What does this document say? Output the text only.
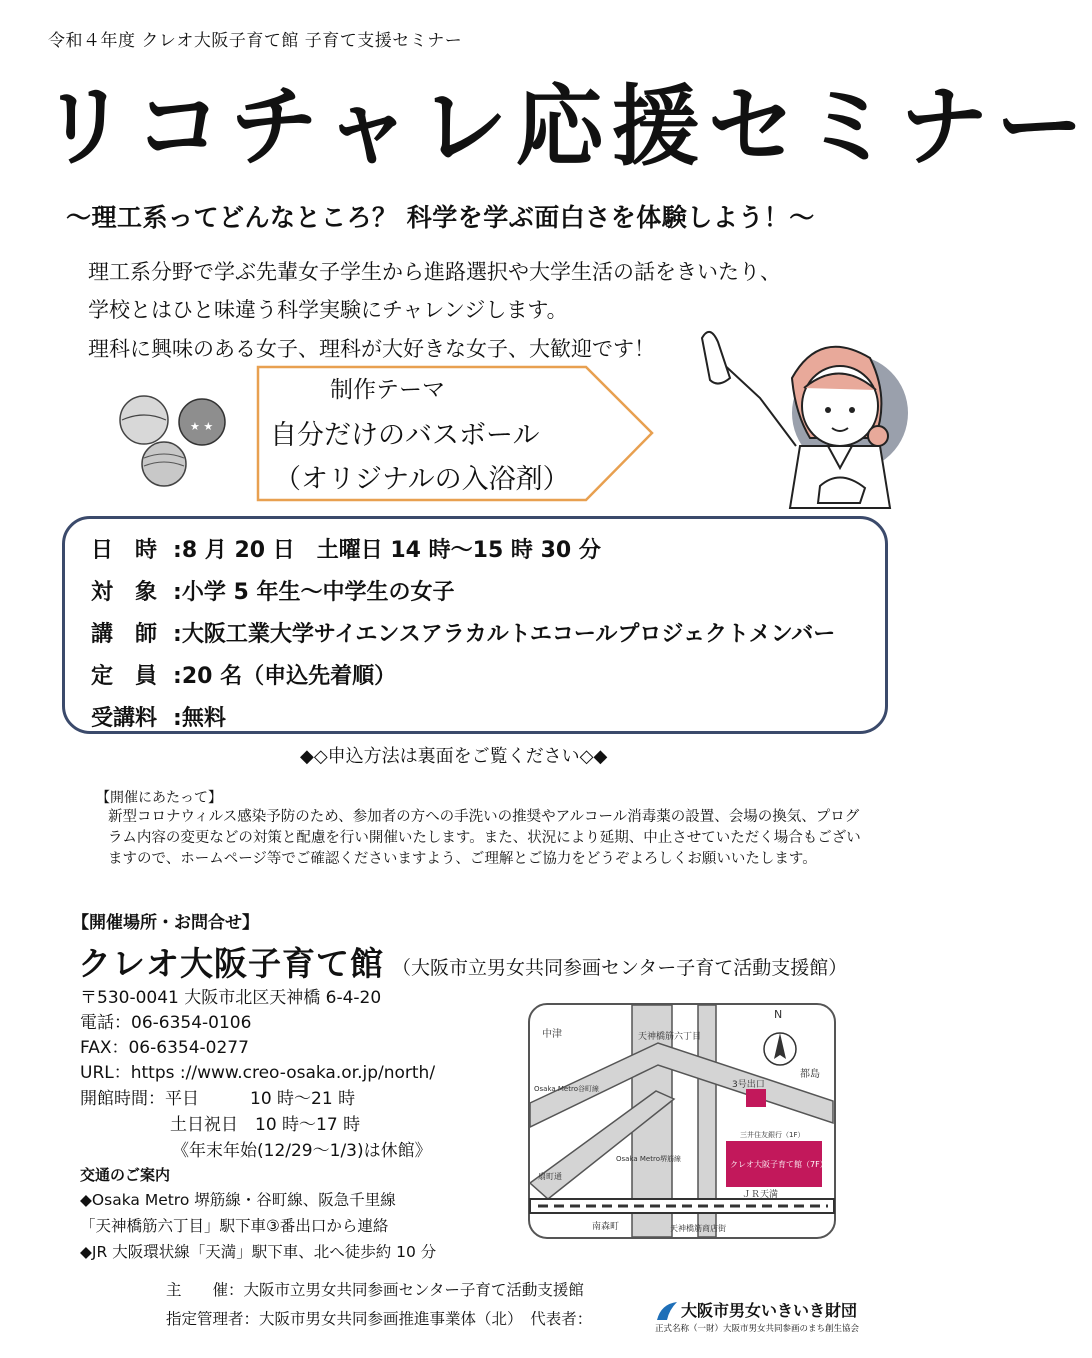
令和４年度 クレオ大阪子育て館 子育て支援セミナー
リコチャレ応援セミナー
～理工系ってどんなところ？ 科学を学ぶ面白さを体験しよう！～
理工系分野で学ぶ先輩女子学生から進路選択や大学生活の話をきいたり、
学校とはひと味違う科学実験にチャレンジします。
理科に興味のある女子、理科が大好きな女子、大歓迎です！
★ ★
制作テーマ
自分だけのバスボール
（オリジナルの入浴剤）
日　時 :8 月 20 日　土曜日 14 時～15 時 30 分
対　象 :小学 5 年生～中学生の女子
講　師 :大阪工業大学サイエンスアラカルトエコールプロジェクトメンバー
定　員 :20 名（申込先着順）
受講料 :無料
◆◇申込方法は裏面をご覧ください◇◆
【開催にあたって】
新型コロナウィルス感染予防のため、参加者の方への手洗いの推奨やアルコール消毒薬の設置、会場の換気、プログラム内容の変更などの対策と配慮を行い開催いたします。また、状況により延期、中止させていただく場合もございますので、ホームページ等でご確認くださいますよう、ご理解とご協力をどうぞよろしくお願いいたします。
【開催場所・お問合せ】
クレオ大阪子育て館 （大阪市立男女共同参画センター子育て活動支援館）
〒530-0041 大阪市北区天神橋 6-4-20
電話：06-6354-0106
FAX：06-6354-0277
URL：https ://www.creo-osaka.or.jp/north/
開館時間：平日　　　10 時～21 時
土日祝日　10 時～17 時
《年末年始(12/29～1/3)は休館》
交通のご案内
◆Osaka Metro 堺筋線・谷町線、阪急千里線
「天神橋筋六丁目」駅下車③番出口から連絡
◆JR 大阪環状線「天満」駅下車、北へ徒歩約 10 分
N
中津	天神橋筋六丁目
都島
3号出口
三井住友銀行（1F）
クレオ大阪子育て館（7F）
天神橋筋商店街
Osaka Metro谷町線
Osaka Metro堺筋線
扇町通
南森町
ＪＲ天満
主　　催：大阪市立男女共同参画センター子育て活動支援館
指定管理者：大阪市男女共同参画推進事業体（北）　代表者：	大阪市男女いきいき財団
正式名称（一財）大阪市男女共同参画のまち創生協会
